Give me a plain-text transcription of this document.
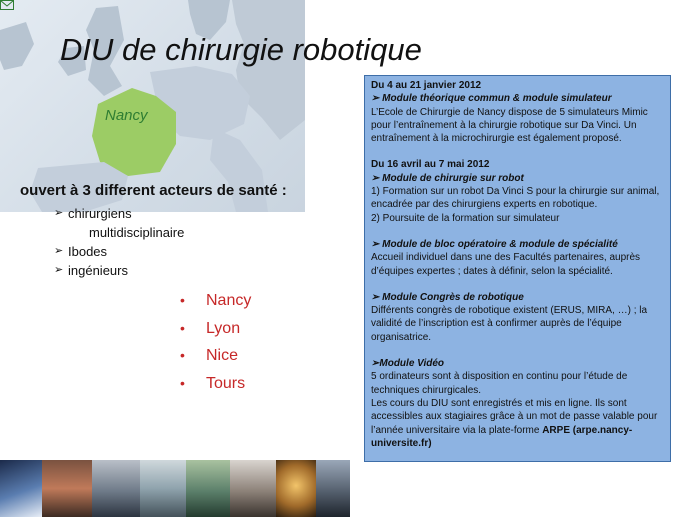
Nancy
DIU de chirurgie robotique
ouvert à 3 different acteurs de santé :
➢ chirurgiens
multidisciplinaire
➢ Ibodes
➢ ingénieurs
•	Nancy
•	Lyon
•	Nice
•	Tours
Du 4 au 21 janvier 2012
➢ Module théorique commun & module simulateur
L’Ecole de Chirurgie de Nancy dispose de 5 simulateurs Mimic pour l’entraînement à la chirurgie robotique sur Da Vinci. Un entraînement à la microchirurgie est également proposé.
Du 16 avril au 7 mai 2012
➢ Module de chirurgie sur robot
1) Formation sur un robot Da Vinci S pour la chirurgie sur animal, encadrée par des chirurgiens experts en robotique.
2) Poursuite de la formation sur simulateur
➢ Module de bloc opératoire & module de spécialité
Accueil individuel dans une des Facultés partenaires, auprès d’équipes expertes ; dates à définir, selon la spécialité.
➢ Module Congrès de robotique
Différents congrès de robotique existent (ERUS, MIRA, …) ; la validité de l’inscription est à confirmer auprès de l’équipe organisatrice.
➢Module Vidéo
5 ordinateurs sont à disposition en continu pour l’étude de techniques chirurgicales.
Les cours du DIU sont enregistrés et mis en ligne. Ils sont accessibles aux stagiaires grâce à un mot de passe valable pour l’année universitaire via la plate-forme ARPE (arpe.nancy-universite.fr)
